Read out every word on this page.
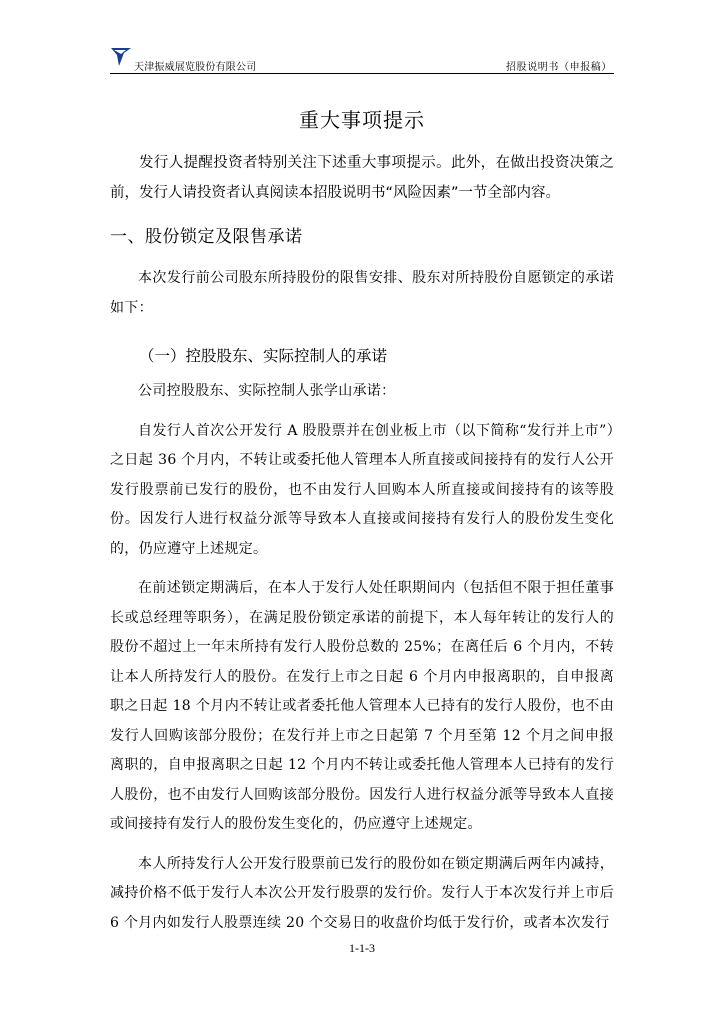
天津振威展览股份有限公司	招股说明书（申报稿）
重大事项提示

发行人提醒投资者特别关注下述重大事项提示。此外，在做出投资决策之前，发行人请投资者认真阅读本招股说明书“风险因素”一节全部内容。

一、股份锁定及限售承诺

本次发行前公司股东所持股份的限售安排、股东对所持股份自愿锁定的承诺如下：

（一）控股股东、实际控制人的承诺

公司控股股东、实际控制人张学山承诺：

自发行人首次公开发行 A 股股票并在创业板上市（以下简称“发行并上市”）之日起 36 个月内，不转让或委托他人管理本人所直接或间接持有的发行人公开发行股票前已发行的股份，也不由发行人回购本人所直接或间接持有的该等股份。因发行人进行权益分派等导致本人直接或间接持有发行人的股份发生变化的，仍应遵守上述规定。

在前述锁定期满后，在本人于发行人处任职期间内（包括但不限于担任董事长或总经理等职务），在满足股份锁定承诺的前提下，本人每年转让的发行人的股份不超过上一年末所持有发行人股份总数的 25%；在离任后 6 个月内，不转让本人所持发行人的股份。在发行上市之日起 6 个月内申报离职的，自申报离职之日起 18 个月内不转让或者委托他人管理本人已持有的发行人股份，也不由发行人回购该部分股份；在发行并上市之日起第 7 个月至第 12 个月之间申报离职的，自申报离职之日起 12 个月内不转让或委托他人管理本人已持有的发行人股份，也不由发行人回购该部分股份。因发行人进行权益分派等导致本人直接或间接持有发行人的股份发生变化的，仍应遵守上述规定。

本人所持发行人公开发行股票前已发行的股份如在锁定期满后两年内减持，减持价格不低于发行人本次公开发行股票的发行价。发行人于本次发行并上市后 6 个月内如发行人股票连续 20 个交易日的收盘价均低于发行价，或者本次发行

1-1-3
